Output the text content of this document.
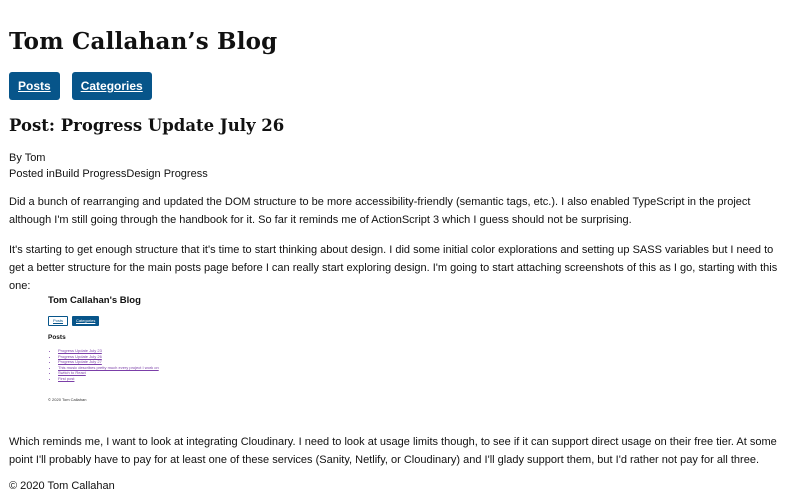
Tom Callahan’s Blog
Posts	Categories
Post: Progress Update July 26
By Tom
Posted inBuild ProgressDesign Progress

Did a bunch of rearranging and updated the DOM structure to be more accessibility-friendly (semantic tags, etc.). I also enabled TypeScript in the project although I'm still going through the handbook for it. So far it reminds me of ActionScript 3 which I guess should not be surprising.

It's starting to get enough structure that it's time to start thinking about design. I did some initial color explorations and setting up SASS variables but I need to get a better structure for the main posts page before I can really start exploring design. I'm going to start attaching screenshots of this as I go, starting with this one:

Tom Callahan's Blog
Posts	Categories
Posts
• Progress Update July 23
• Progress Update July 26
• Progress Update July 27
• This music describes pretty much every project I work on
• Switch to React
• First post
© 2020 Tom Callahan

Which reminds me, I want to look at integrating Cloudinary. I need to look at usage limits though, to see if it can support direct usage on their free tier. At some point I'll probably have to pay for at least one of these services (Sanity, Netlify, or Cloudinary) and I'll glady support them, but I'd rather not pay for all three.

© 2020 Tom Callahan
